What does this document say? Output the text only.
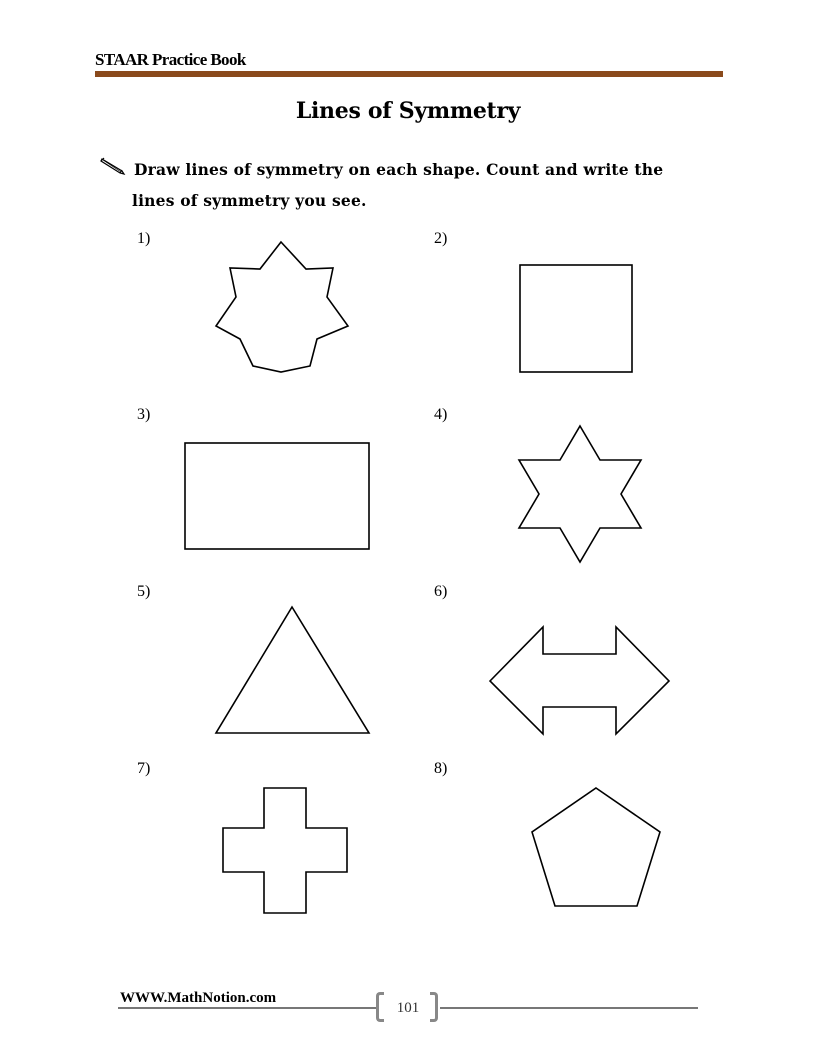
STAAR Practice Book
Lines of Symmetry
Draw lines of symmetry on each shape. Count and write the
lines of symmetry you see.
1)	2)
3)	4)
5)	6)
7)	8)
WWW.MathNotion.com
101
